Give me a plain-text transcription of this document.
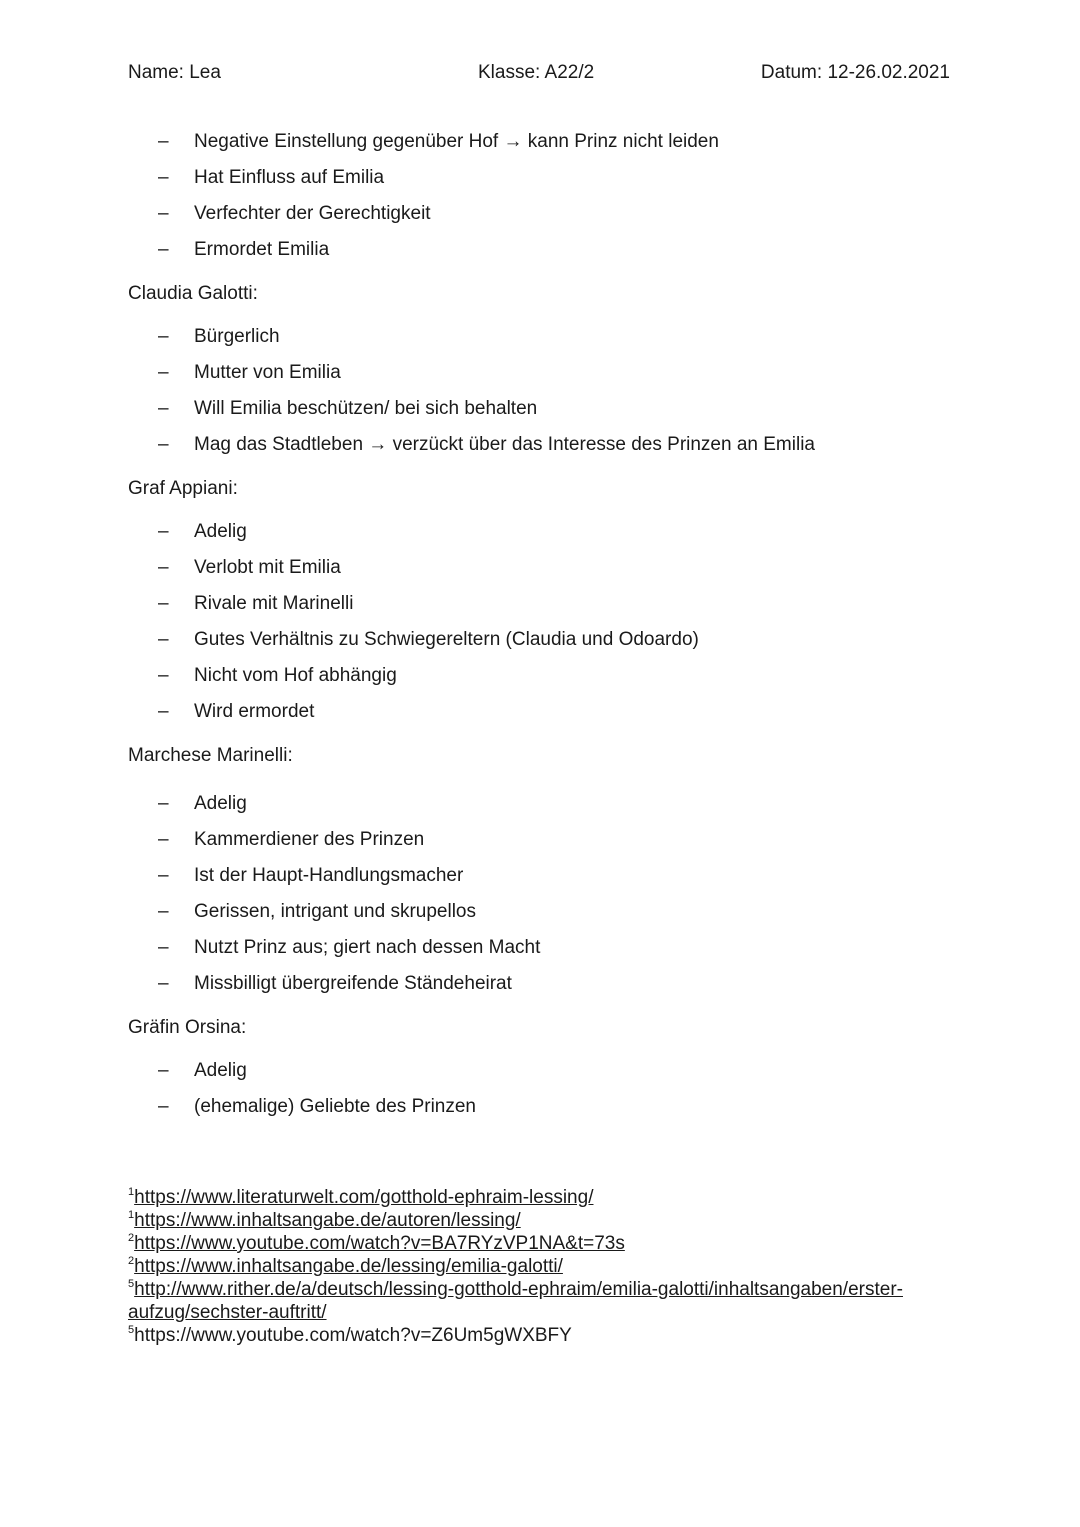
Name: Lea	Klasse: A22/2	Datum: 12-26.02.2021
– Negative Einstellung gegenüber Hof → kann Prinz nicht leiden
– Hat Einfluss auf Emilia
– Verfechter der Gerechtigkeit
– Ermordet Emilia
Claudia Galotti:
– Bürgerlich
– Mutter von Emilia
– Will Emilia beschützen/ bei sich behalten
– Mag das Stadtleben → verzückt über das Interesse des Prinzen an Emilia
Graf Appiani:
– Adelig
– Verlobt mit Emilia
– Rivale mit Marinelli
– Gutes Verhältnis zu Schwiegereltern (Claudia und Odoardo)
– Nicht vom Hof abhängig
– Wird ermordet
Marchese Marinelli:
– Adelig
– Kammerdiener des Prinzen
– Ist der Haupt-Handlungsmacher
– Gerissen, intrigant und skrupellos
– Nutzt Prinz aus; giert nach dessen Macht
– Missbilligt übergreifende Ständeheirat
Gräfin Orsina:
– Adelig
– (ehemalige) Geliebte des Prinzen
$^1$https://www.literaturwelt.com/gotthold-ephraim-lessing/
$^1$https://www.inhaltsangabe.de/autoren/lessing/
$^2$https://www.youtube.com/watch?v=BA7RYzVP1NA&t=73s
$^2$https://www.inhaltsangabe.de/lessing/emilia-galotti/
$^5$http://www.rither.de/a/deutsch/lessing-gotthold-ephraim/emilia-galotti/inhaltsangaben/erster-
aufzug/sechster-auftritt/
$^5$https://www.youtube.com/watch?v=Z6Um5gWXBFY
